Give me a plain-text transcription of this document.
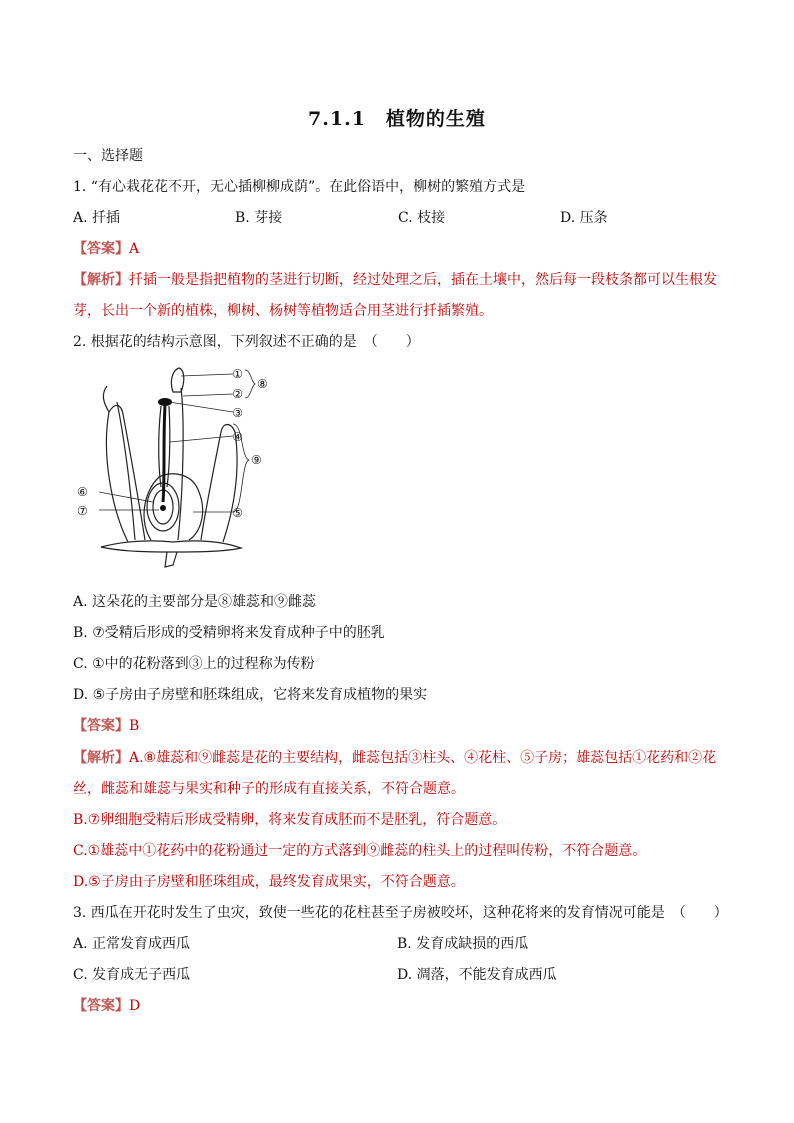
7.1.1　植物的生殖
一、选择题
1. “有心栽花花不开，无心插柳柳成荫”。在此俗语中，柳树的繁殖方式是
A. 扦插	B. 芽接	C. 枝接	D. 压条
【答案】A
【解析】扦插一般是指把植物的茎进行切断，经过处理之后，插在土壤中，然后每一段枝条都可以生根发
芽，长出一个新的植株，柳树、杨树等植物适合用茎进行扦插繁殖。
2. 根据花的结构示意图，下列叙述不正确的是　（　　）
①
②
③
④
⑤
⑥
⑦
⑧
⑨
A. 这朵花的主要部分是⑧雄蕊和⑨雌蕊
B. ⑦受精后形成的受精卵将来发育成种子中的胚乳
C. ①中的花粉落到③上的过程称为传粉
D. ⑤子房由子房壁和胚珠组成，它将来发育成植物的果实
【答案】B
【解析】A.⑧雄蕊和⑨雌蕊是花的主要结构，雌蕊包括③柱头、④花柱、⑤子房；雄蕊包括①花药和②花
丝，雌蕊和雄蕊与果实和种子的形成有直接关系，不符合题意。
B.⑦卵细胞受精后形成受精卵，将来发育成胚而不是胚乳，符合题意。
C.①雄蕊中①花药中的花粉通过一定的方式落到⑨雌蕊的柱头上的过程叫传粉，不符合题意。
D.⑤子房由子房壁和胚珠组成，最终发育成果实，不符合题意。
3. 西瓜在开花时发生了虫灾，致使一些花的花柱甚至子房被咬坏，这种花将来的发育情况可能是　（　　）
A. 正常发育成西瓜	B. 发育成缺损的西瓜
C. 发育成无子西瓜	D. 凋落，不能发育成西瓜
【答案】D
